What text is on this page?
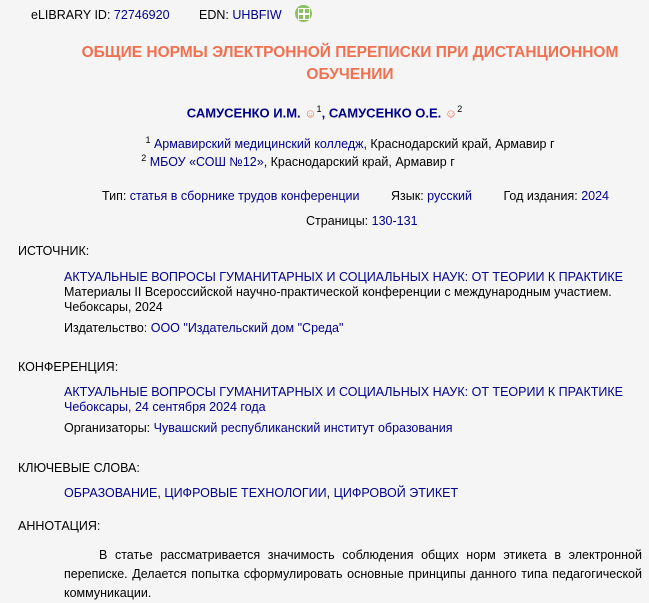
eLIBRARY ID: 72746920 EDN: UHBFIW
ОБЩИЕ НОРМЫ ЭЛЕКТРОННОЙ ПЕРЕПИСКИ ПРИ ДИСТАНЦИОННОМ
ОБУЧЕНИИ
САМУСЕНКО И.М. ☺$^1$, САМУСЕНКО О.Е. ☺$^2$
$^1$ Армавирский медицинский колледж, Краснодарский край, Армавир г
$^2$ МБОУ «СОШ №12», Краснодарский край, Армавир г
Тип: статья в сборнике трудов конференции	Язык: русский	Год издания: 2024
Страницы: 130-131
ИСТОЧНИК:
АКТУАЛЬНЫЕ ВОПРОСЫ ГУМАНИТАРНЫХ И СОЦИАЛЬНЫХ НАУК: ОТ ТЕОРИИ К ПРАКТИКЕ
Материалы II Всероссийской научно-практической конференции с международным участием.
Чебоксары, 2024
Издательство: ООО "Издательский дом "Среда"
КОНФЕРЕНЦИЯ:
АКТУАЛЬНЫЕ ВОПРОСЫ ГУМАНИТАРНЫХ И СОЦИАЛЬНЫХ НАУК: ОТ ТЕОРИИ К ПРАКТИКЕ
Чебоксары, 24 сентября 2024 года
Организаторы: Чувашский республиканский институт образования
КЛЮЧЕВЫЕ СЛОВА:
ОБРАЗОВАНИЕ, ЦИФРОВЫЕ ТЕХНОЛОГИИ, ЦИФРОВОЙ ЭТИКЕТ
АННОТАЦИЯ:
В статье рассматривается значимость соблюдения общих норм этикета в электронной переписке. Делается попытка сформулировать основные принципы данного типа педагогической коммуникации.
